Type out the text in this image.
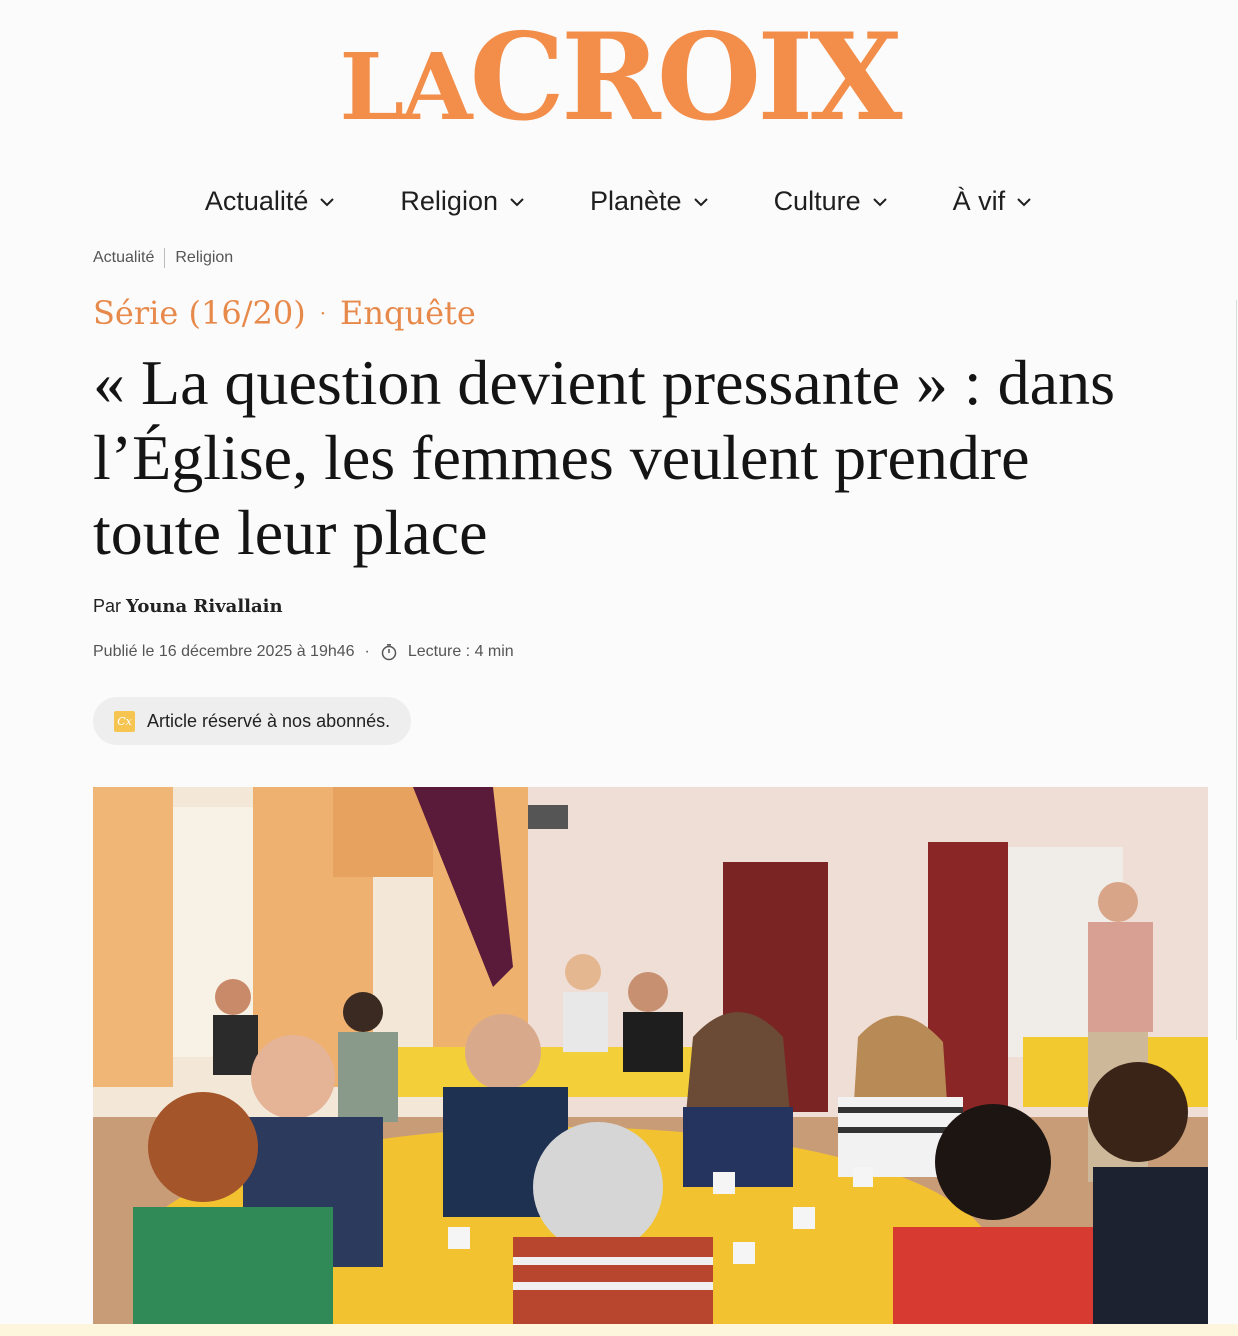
LACROIX
Actualité	Religion	Planète	Culture	À vif
Actualité Religion
Série (16/20) · Enquête
« La question devient pressante » : dans l’Église, les femmes veulent prendre toute leur place
Par Youna Rivallain
Publié le 16 décembre 2025 à 19h46 · Lecture : 4 min
Cx Article réservé à nos abonnés.
